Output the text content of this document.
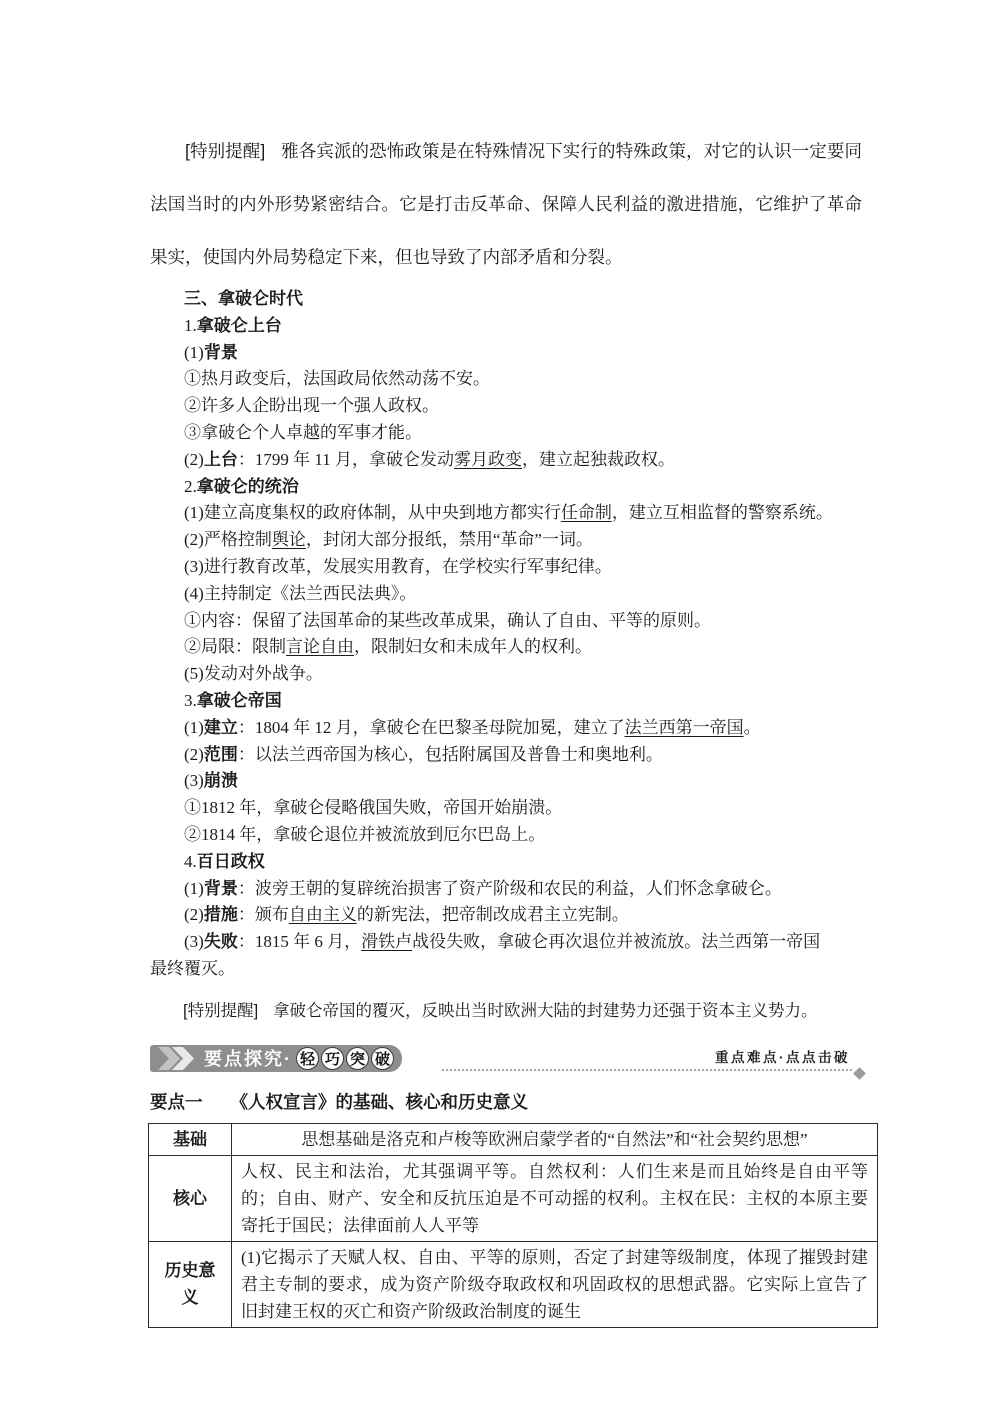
[特别提醒] 雅各宾派的恐怖政策是在特殊情况下实行的特殊政策，对它的认识一定要同法国当时的内外形势紧密结合。它是打击反革命、保障人民利益的激进措施，它维护了革命果实，使国内外局势稳定下来，但也导致了内部矛盾和分裂。

三、拿破仑时代

1.拿破仑上台

(1)背景

①热月政变后，法国政局依然动荡不安。

②许多人企盼出现一个强人政权。

③拿破仑个人卓越的军事才能。

(2)上台：1799 年 11 月，拿破仑发动雾月政变，建立起独裁政权。

2.拿破仑的统治

(1)建立高度集权的政府体制，从中央到地方都实行任命制，建立互相监督的警察系统。

(2)严格控制舆论，封闭大部分报纸，禁用“革命”一词。

(3)进行教育改革，发展实用教育，在学校实行军事纪律。

(4)主持制定《法兰西民法典》。

①内容：保留了法国革命的某些改革成果，确认了自由、平等的原则。

②局限：限制言论自由，限制妇女和未成年人的权利。

(5)发动对外战争。

3.拿破仑帝国

(1)建立：1804 年 12 月，拿破仑在巴黎圣母院加冕，建立了法兰西第一帝国。

(2)范围：以法兰西帝国为核心，包括附属国及普鲁士和奥地利。

(3)崩溃

①1812 年，拿破仑侵略俄国失败，帝国开始崩溃。

②1814 年，拿破仑退位并被流放到厄尔巴岛上。

4.百日政权

(1)背景：波旁王朝的复辟统治损害了资产阶级和农民的利益，人们怀念拿破仑。

(2)措施：颁布自由主义的新宪法，把帝制改成君主立宪制。

(3)失败：1815 年 6 月，滑铁卢战役失败，拿破仑再次退位并被流放。法兰西第一帝国

最终覆灭。

[特别提醒] 拿破仑帝国的覆灭，反映出当时欧洲大陆的封建势力还强于资本主义势力。

要点探究· 轻 巧 突 破	重点难点·点点击破
要点一 《人权宣言》的基础、核心和历史意义
基础	思想基础是洛克和卢梭等欧洲启蒙学者的“自然法”和“社会契约思想”
核心	人权、民主和法治，尤其强调平等。自然权利：人们生来是而且始终是自由平等的；自由、财产、安全和反抗压迫是不可动摇的权利。主权在民：主权的本原主要寄托于国民；法律面前人人平等
历史意义	(1)它揭示了天赋人权、自由、平等的原则，否定了封建等级制度，体现了摧毁封建君主专制的要求，成为资产阶级夺取政权和巩固政权的思想武器。它实际上宣告了旧封建王权的灭亡和资产阶级政治制度的诞生
